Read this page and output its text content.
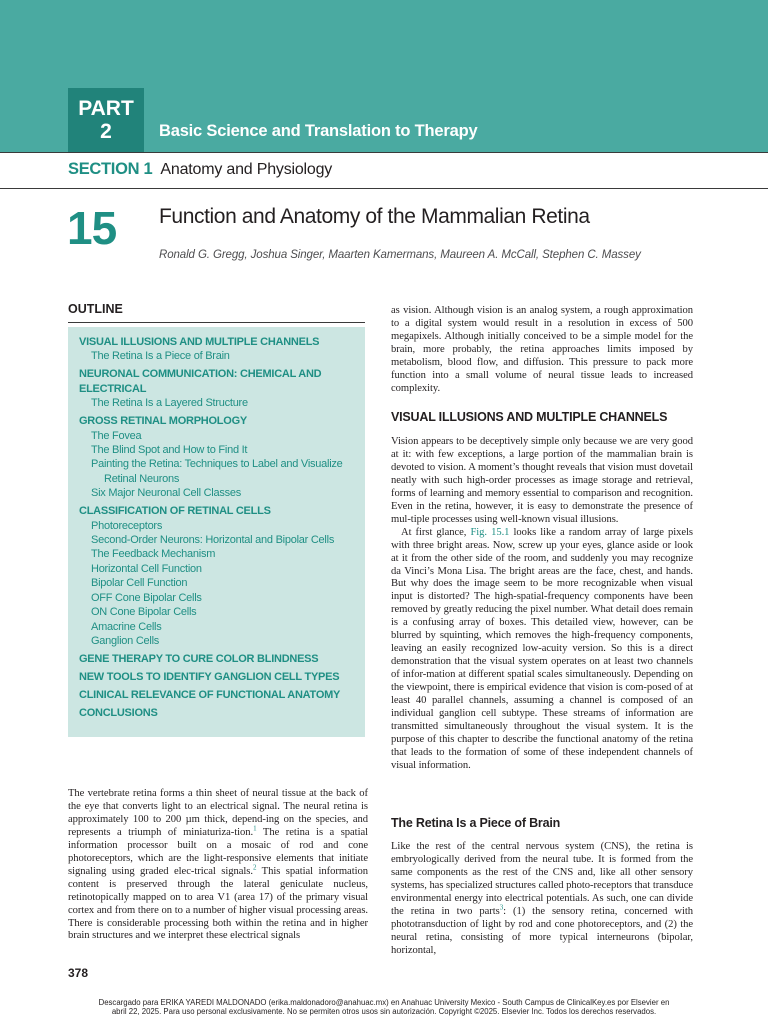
PART
2	Basic Science and Translation to Therapy
SECTION 1 Anatomy and Physiology
15 Function and Anatomy of the Mammalian Retina
Ronald G. Gregg, Joshua Singer, Maarten Kamermans, Maureen A. McCall, Stephen C. Massey
OUTLINE
VISUAL ILLUSIONS AND MULTIPLE CHANNELS
The Retina Is a Piece of Brain
NEURONAL COMMUNICATION: CHEMICAL AND
ELECTRICAL
The Retina Is a Layered Structure
GROSS RETINAL MORPHOLOGY
The Fovea
The Blind Spot and How to Find It
Painting the Retina: Techniques to Label and Visualize
Retinal Neurons
Six Major Neuronal Cell Classes
CLASSIFICATION OF RETINAL CELLS
Photoreceptors
Second-Order Neurons: Horizontal and Bipolar Cells
The Feedback Mechanism
Horizontal Cell Function
Bipolar Cell Function
OFF Cone Bipolar Cells
ON Cone Bipolar Cells
Amacrine Cells
Ganglion Cells
GENE THERAPY TO CURE COLOR BLINDNESS
NEW TOOLS TO IDENTIFY GANGLION CELL TYPES
CLINICAL RELEVANCE OF FUNCTIONAL ANATOMY
CONCLUSIONS

The vertebrate retina forms a thin sheet of neural tissue at the back of the eye that converts light to an electrical signal. The neural retina is approximately 100 to 200 µm thick, depend-ing on the species, and represents a triumph of miniaturiza-tion.$^1$ The retina is a spatial information processor built on a mosaic of rod and cone photoreceptors, which are the light-responsive elements that initiate signaling using graded elec-trical signals.$^2$ This spatial information content is preserved through the lateral geniculate nucleus, retinotopically mapped on to area V1 (area 17) of the primary visual cortex and from there on to a number of higher visual processing areas. There is considerable processing both within the retina and in higher brain structures and we interpret these electrical signals

as vision. Although vision is an analog system, a rough approximation to a digital system would result in a resolution in excess of 500 megapixels. Although initially conceived to be a simple model for the brain, more probably, the retina approaches limits imposed by metabolism, blood flow, and diffusion. This pressure to pack more function into a small volume of neural tissue leads to increased complexity.

VISUAL ILLUSIONS AND MULTIPLE CHANNELS

Vision appears to be deceptively simple only because we are very good at it: with few exceptions, a large portion of the mammalian brain is devoted to vision. A moment’s thought reveals that vision must dovetail neatly with such high-order processes as image storage and retrieval, forms of learning and memory essential to comparison and recognition. Even in the retina, however, it is easy to demonstrate the presence of mul-tiple processes using well-known visual illusions.

At first glance, Fig. 15.1 looks like a random array of large pixels with three bright areas. Now, screw up your eyes, glance aside or look at it from the other side of the room, and suddenly you may recognize da Vinci’s Mona Lisa. The bright areas are the face, chest, and hands. But why does the image seem to be more recognizable when visual input is distorted? The high-spatial-frequency components have been removed by greatly reducing the pixel number. What detail does remain is a confusing array of boxes. This detailed view, however, can be blurred by squinting, which removes the high-frequency components, leaving an easily recognized low-acuity version. So this is a direct demonstration that the visual system operates on at least two channels of infor-mation at different spatial scales simultaneously. Depending on the viewpoint, there is empirical evidence that vision is com-posed of at least 40 parallel channels, assuming a channel is composed of an individual ganglion cell subtype. These streams of information are transmitted simultaneously throughout the visual system. It is the purpose of this chapter to describe the functional anatomy of the retina that leads to the formation of some of these independent channels of visual information.

The Retina Is a Piece of Brain

Like the rest of the central nervous system (CNS), the retina is embryologically derived from the neural tube. It is formed from the same components as the rest of the CNS and, like all other sensory systems, has specialized structures called photo-receptors that transduce environmental energy into electrical potentials. As such, one can divide the retina in two parts$^3$: (1) the sensory retina, concerned with phototransduction of light by rod and cone photoreceptors, and (2) the neural retina, consisting of more typical interneurons (bipolar, horizontal,

378
Descargado para ERIKA YAREDI MALDONADO (erika.maldonadoro@anahuac.mx) en Anahuac University Mexico - South Campus de ClinicalKey.es por Elsevier en
abril 22, 2025. Para uso personal exclusivamente. No se permiten otros usos sin autorización. Copyright ©2025. Elsevier Inc. Todos los derechos reservados.
